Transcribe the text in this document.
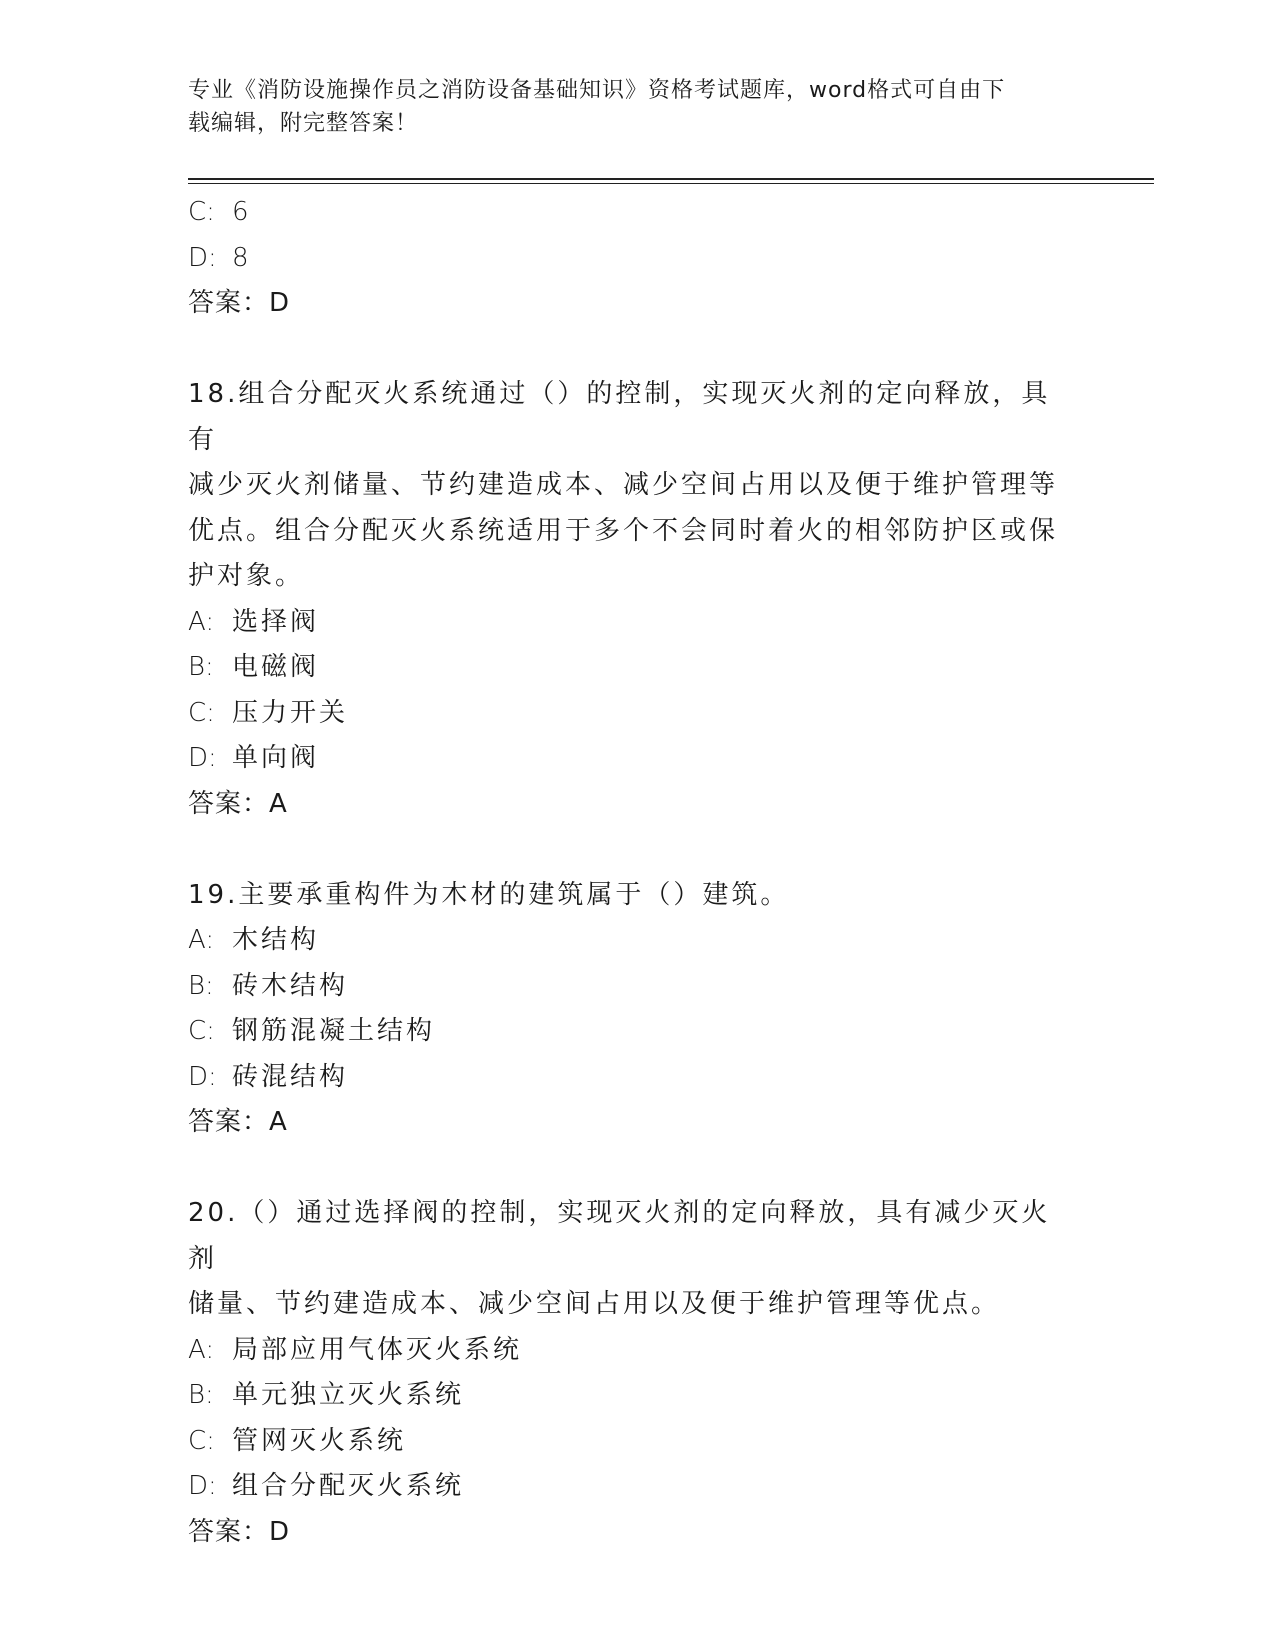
专业《消防设施操作员之消防设备基础知识》资格考试题库，word格式可自由下
载编辑，附完整答案！
C: 6
D: 8
答案：D
18.组合分配灭火系统通过（）的控制，实现灭火剂的定向释放，具有
减少灭火剂储量、节约建造成本、减少空间占用以及便于维护管理等
优点。组合分配灭火系统适用于多个不会同时着火的相邻防护区或保
护对象。
A: 选择阀
B: 电磁阀
C: 压力开关
D: 单向阀
答案：A
19.主要承重构件为木材的建筑属于（）建筑。
A: 木结构
B: 砖木结构
C: 钢筋混凝土结构
D: 砖混结构
答案：A
20.（）通过选择阀的控制，实现灭火剂的定向释放，具有减少灭火剂
储量、节约建造成本、减少空间占用以及便于维护管理等优点。
A: 局部应用气体灭火系统
B: 单元独立灭火系统
C: 管网灭火系统
D: 组合分配灭火系统
答案：D
